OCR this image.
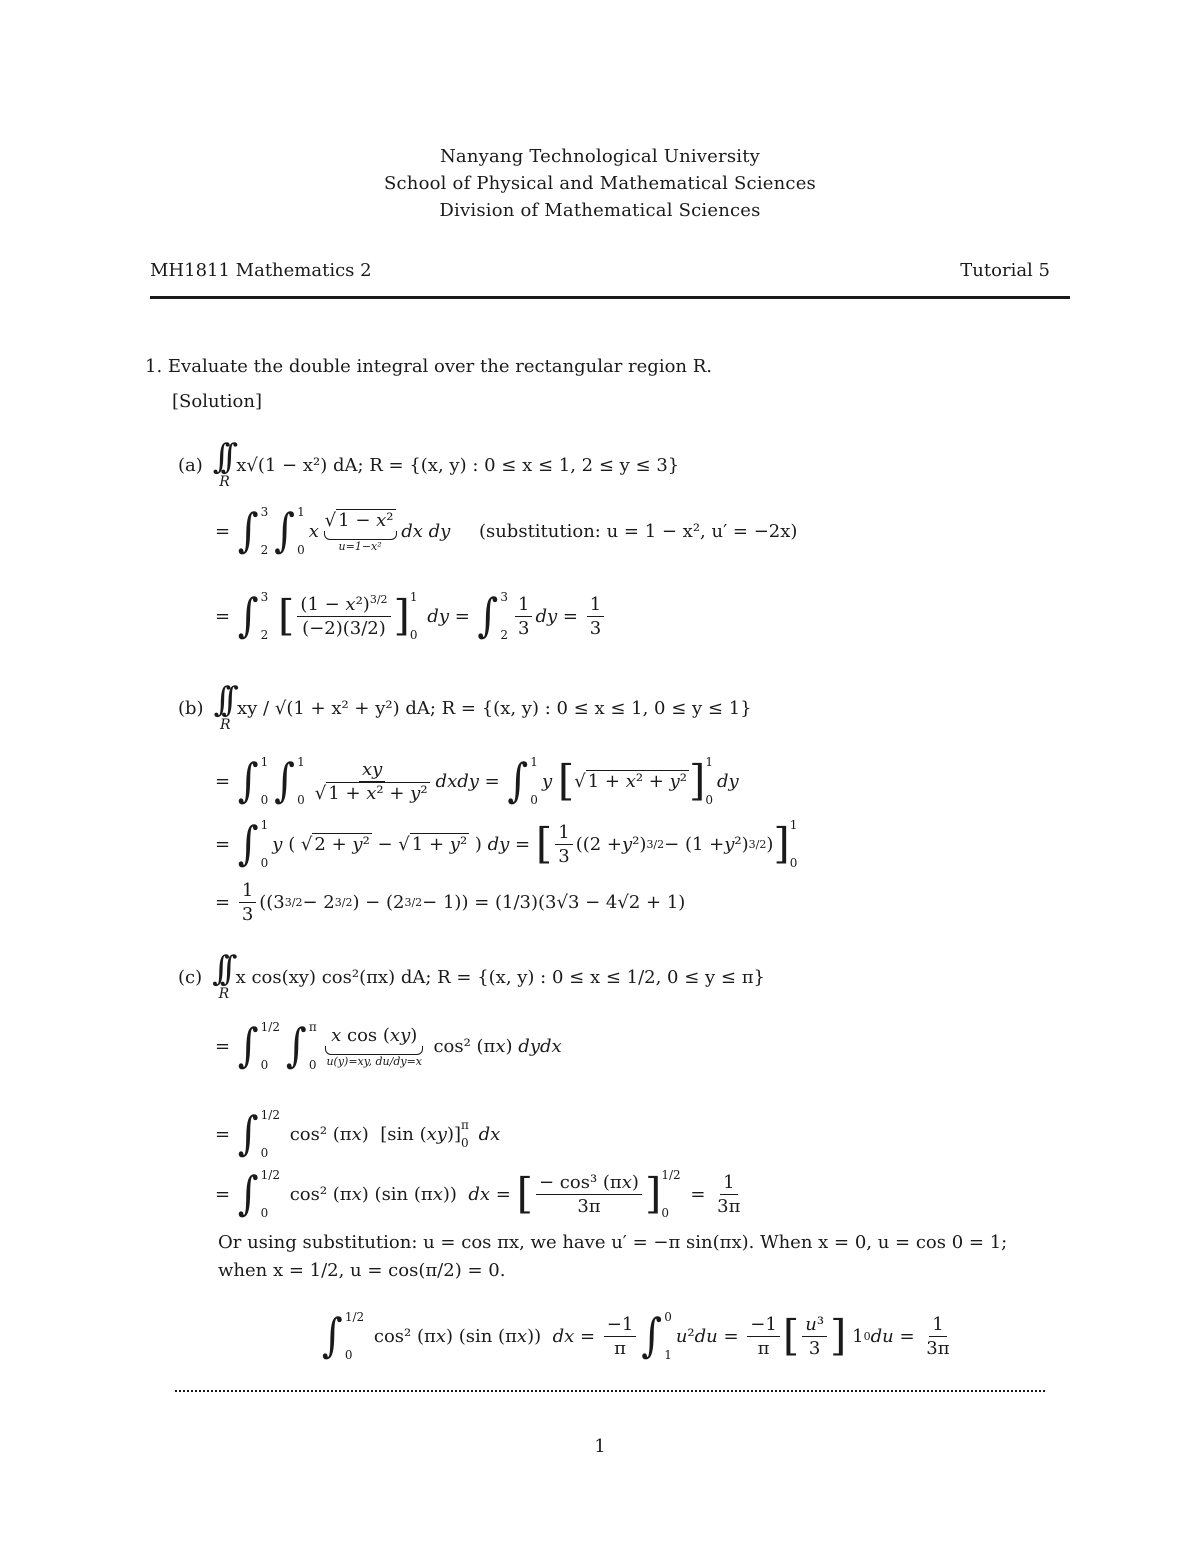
Nanyang Technological University
School of Physical and Mathematical Sciences
Division of Mathematical Sciences
MH1811 Mathematics 2	Tutorial 5
1. Evaluate the double integral over the rectangular region R.
[Solution]
(a) ∫∫
R
x√(1 − x²) dA; R = {(x, y) : 0 ≤ x ≤ 1, 2 ≤ y ≤ 3}
= ∫ 3
2 ∫ 1
0
x

√ 1 − x²
u=1−x²

dx dy
(substitution: u = 1 − x², u′ = −2x)
= ∫ 3
2
[ $\frac{(1 - x^2)^{3/2}}{(-2)(3/2)}$ ] 1
0

dy = ∫ 3
$2 \frac{1}{3}$ dy = $\frac{1}{3}$
(b) ∫∫
R
xy / √(1 + x² + y²) dA; R = {(x, y) : 0 ≤ x ≤ 1, 0 ≤ y ≤ 1}
= ∫ 1
0 ∫ 1
$0 \frac{xy}{\text{√ 1 + x² + y²}}$ dxdy = ∫ 1
0
y
[ √ 1 + x² + y² ] 1
0
dy
= ∫ 1
0
y ( √ 2 + y² − √ 1 + y² ) dy = [ $\frac{1}{3} ((2 + y$ ²) 3/2 − (1 + y ²) 3/2 ) ] 1
0
= $\frac{1}{3} ((3$ 3/2 − 2 3/2 ) − (2 3/2 − 1)) = (1/3)(3√3 − 4√2 + 1)
(c) ∫∫
R
x cos(xy) cos²(πx) dA; R = {(x, y) : 0 ≤ x ≤ 1/2, 0 ≤ y ≤ π}
= ∫ 1/2
0 ∫ π
0

x cos (xy)
u(y)=xy, du/dy=x
cos² (π x ) dydx
= ∫ 1/2
0
cos² (π x )  [sin ( xy )] π
0
dx
= ∫ 1/2
0
cos² (π x ) (sin (π x )) dx = [ $\frac{\text{− cos³ (πx)}}{3\pi}$ ] 1/2
0
= $\frac{1}{3\pi}$
Or using substitution: u = cos πx, we have u′ = −π sin(πx). When x = 0, u = cos 0 = 1;
when x = 1/2, u = cos(π/2) = 0.
∫ 1/2
0
cos² (π x ) (sin (π x )) dx = $\frac{-1}{\pi}$ ∫ 0
1
u ² du = $\frac{-1}{\pi}$ [ $\frac{\text{u³}}{3}$ ] 1 0 du = $\frac{1}{3\pi}$
1
